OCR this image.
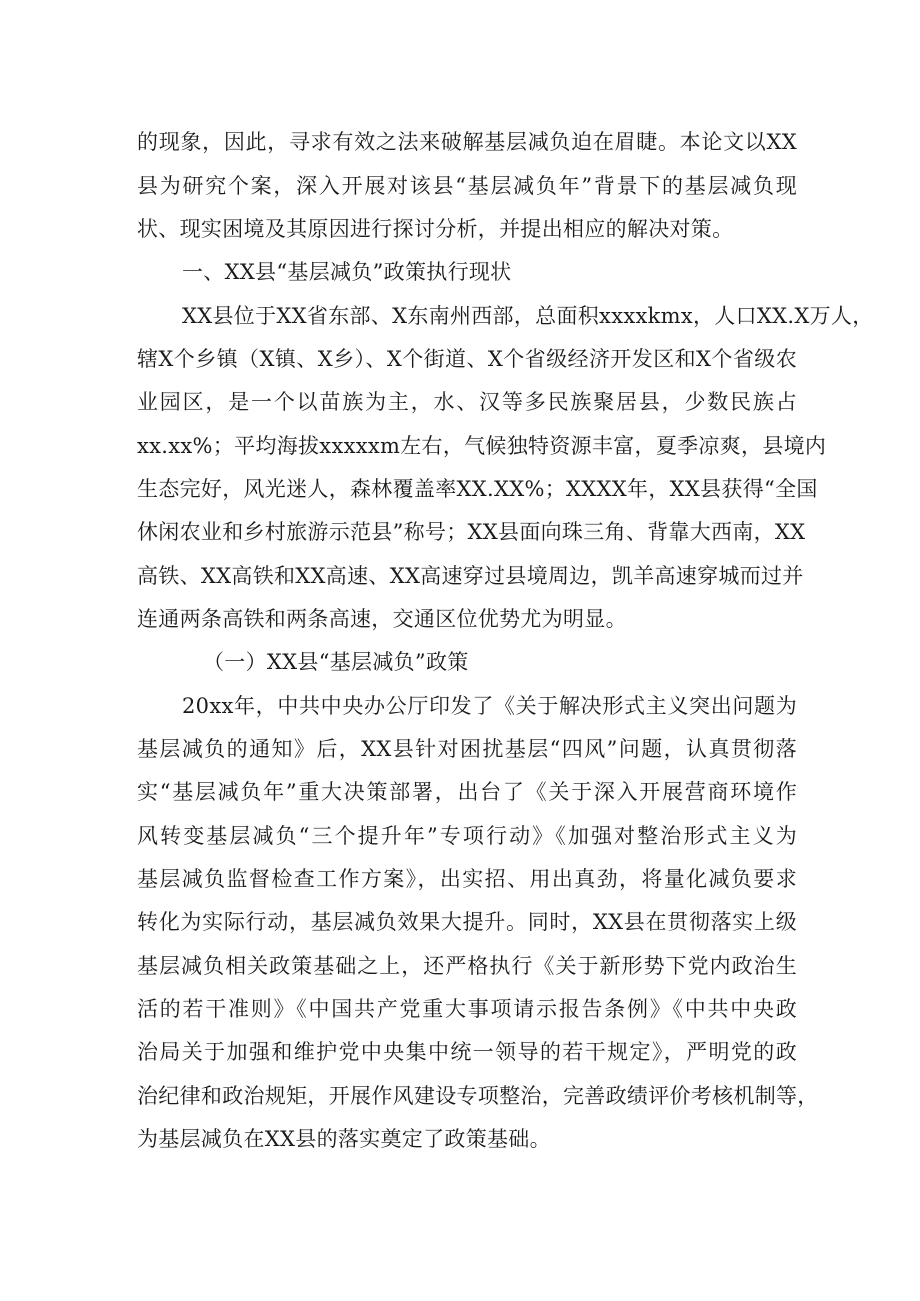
的现象，因此，寻求有效之法来破解基层减负迫在眉睫。本论文以XX
县为研究个案，深入开展对该县“基层减负年”背景下的基层减负现
状、现实困境及其原因进行探讨分析，并提出相应的解决对策。
一、XX县“基层减负”政策执行现状
XX县位于XX省东部、X东南州西部，总面积xxxxkmx，人口XX.X万人，
辖X个乡镇（X镇、X乡）、X个街道、X个省级经济开发区和X个省级农
业园区，是一个以苗族为主，水、汉等多民族聚居县，少数民族占
xx.xx%；平均海拔xxxxxm左右，气候独特资源丰富，夏季凉爽，县境内
生态完好，风光迷人，森林覆盖率XX.XX%；XXXX年，XX县获得“全国
休闲农业和乡村旅游示范县”称号；XX县面向珠三角、背靠大西南，XX
高铁、XX高铁和XX高速、XX高速穿过县境周边，凯羊高速穿城而过并
连通两条高铁和两条高速，交通区位优势尤为明显。
（一）XX县“基层减负”政策
20xx年，中共中央办公厅印发了《关于解决形式主义突出问题为
基层减负的通知》后，XX县针对困扰基层“四风”问题，认真贯彻落
实“基层减负年”重大决策部署，出台了《关于深入开展营商环境作
风转变基层减负“三个提升年”专项行动》《加强对整治形式主义为
基层减负监督检查工作方案》，出实招、用出真劲，将量化减负要求
转化为实际行动，基层减负效果大提升。同时，XX县在贯彻落实上级
基层减负相关政策基础之上，还严格执行《关于新形势下党内政治生
活的若干准则》《中国共产党重大事项请示报告条例》《中共中央政
治局关于加强和维护党中央集中统一领导的若干规定》，严明党的政
治纪律和政治规矩，开展作风建设专项整治，完善政绩评价考核机制等，
为基层减负在XX县的落实奠定了政策基础。
